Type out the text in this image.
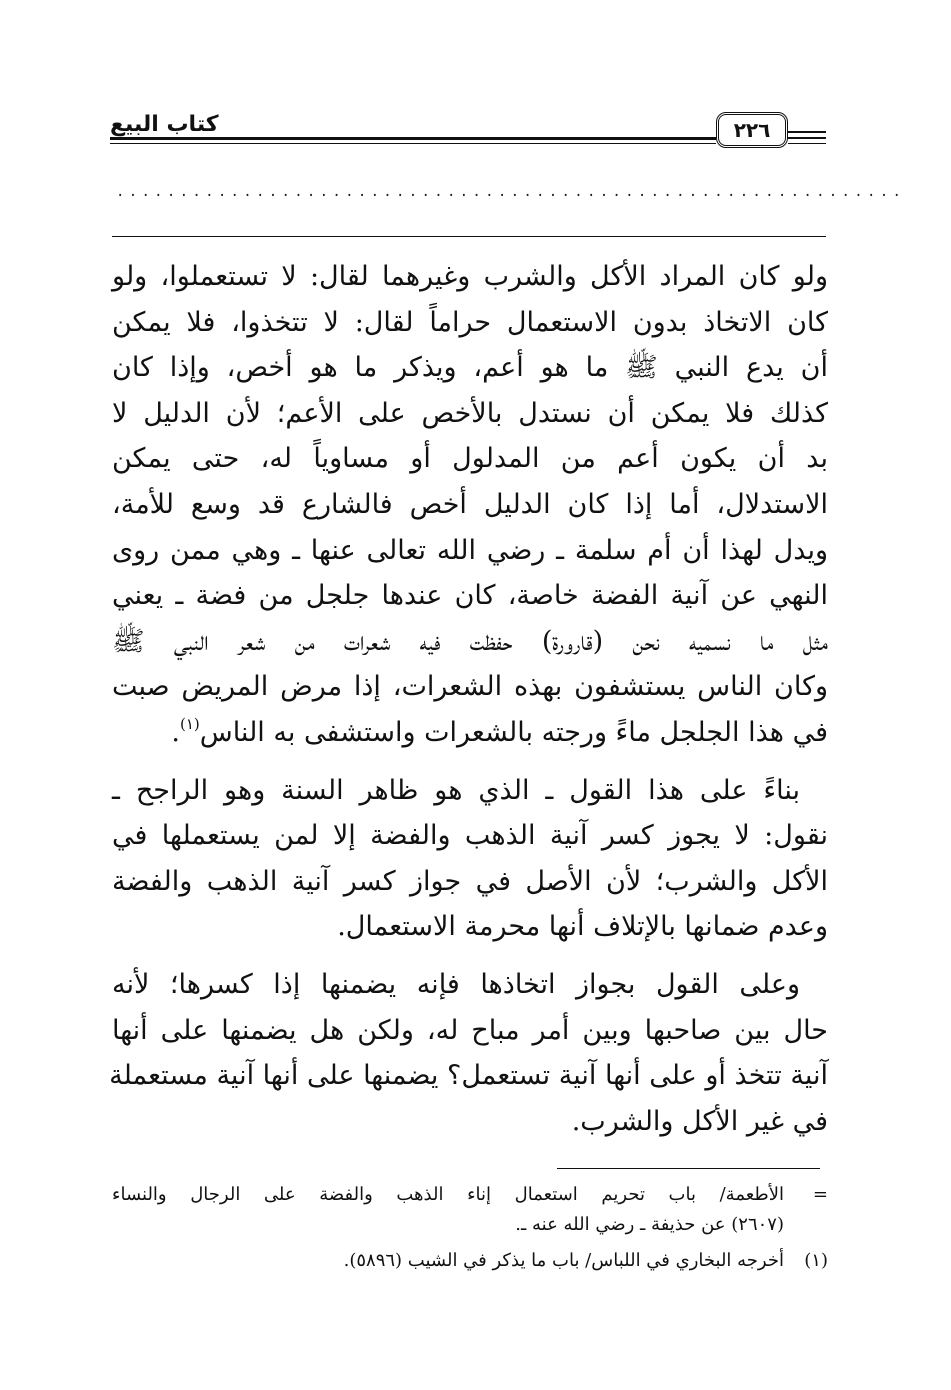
كتاب البيع	٢٢٦
..............................................................
ولو كان المراد الأكل والشرب وغيرهما لقال: لا تستعملوا، ولو
كان الاتخاذ بدون الاستعمال حراماً لقال: لا تتخذوا، فلا يمكن
أن يدع النبي ﷺ ما هو أعم، ويذكر ما هو أخص، وإذا كان
كذلك فلا يمكن أن نستدل بالأخص على الأعم؛ لأن الدليل لا
بد أن يكون أعم من المدلول أو مساوياً له، حتى يمكن
الاستدلال، أما إذا كان الدليل أخص فالشارع قد وسع للأمة،
ويدل لهذا أن أم سلمة ـ رضي الله تعالى عنها ـ وهي ممن روى
النهي عن آنية الفضة خاصة، كان عندها جلجل من فضة ـ يعني
مثل ما نسميه نحن (قارورة) حفظت فيه شعرات من شعر النبي ﷺ
وكان الناس يستشفون بهذه الشعرات، إذا مرض المريض صبت
في هذا الجلجل ماءً ورجته بالشعرات واستشفى به الناس$^{(١)}$.
بناءً على هذا القول ـ الذي هو ظاهر السنة وهو الراجح ـ
نقول: لا يجوز كسر آنية الذهب والفضة إلا لمن يستعملها في
الأكل والشرب؛ لأن الأصل في جواز كسر آنية الذهب والفضة
وعدم ضمانها بالإتلاف أنها محرمة الاستعمال.
وعلى القول بجواز اتخاذها فإنه يضمنها إذا كسرها؛ لأنه
حال بين صاحبها وبين أمر مباح له، ولكن هل يضمنها على أنها
آنية تتخذ أو على أنها آنية تستعمل؟ يضمنها على أنها آنية مستعملة
في غير الأكل والشرب.
=
الأطعمة/ باب تحريم استعمال إناء الذهب والفضة على الرجال والنساء
(٢٦٠٧) عن حذيفة ـ رضي الله عنه ـ.
(١)
أخرجه البخاري في اللباس/ باب ما يذكر في الشيب (٥٨٩٦).
